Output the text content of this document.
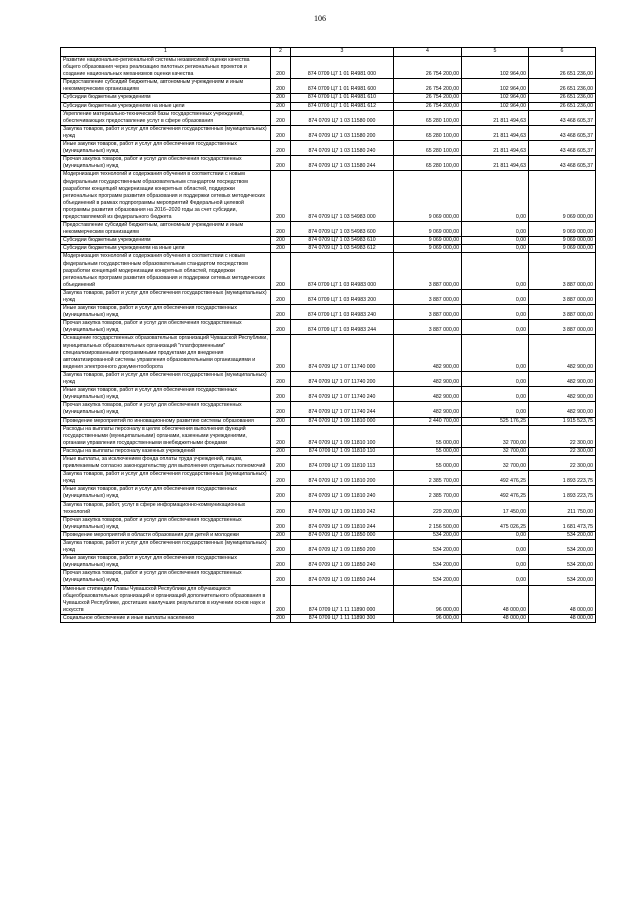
106
1	2	3	4	5	6
Развитие национально-региональной системы независимой оценки качества общего образования через реализацию пилотных региональных проектов и создание национальных механизмов оценки качества	200	874 0709 Ц7 1 01 R4981 000	26 754 200,00	102 964,00	26 651 236,00
Предоставление субсидий бюджетным, автономным учреждениям и иным некоммерческим организациям	200	874 0709 Ц7 1 01 R4981 600	26 754 200,00	102 964,00	26 651 236,00
Субсидии бюджетным учреждениям	200	874 0709 Ц7 1 01 R4981 610	26 754 200,00	102 964,00	26 651 236,00
Субсидии бюджетным учреждениям на иные цели	200	874 0709 Ц7 1 01 R4981 612	26 754 200,00	102 964,00	26 651 236,00
Укрепление материально-технической базы государственных учреждений, обеспечивающих предоставление услуг в сфере образования	200	874 0709 Ц7 1 03 11580 000	65 280 100,00	21 811 494,63	43 468 605,37
Закупка товаров, работ и услуг для обеспечения государственных (муниципальных) нужд	200	874 0709 Ц7 1 03 11580 200	65 280 100,00	21 811 494,63	43 468 605,37
Иные закупки товаров, работ и услуг для обеспечения государственных (муниципальных) нужд	200	874 0709 Ц7 1 03 11580 240	65 280 100,00	21 811 494,63	43 468 605,37
Прочая закупка товаров, работ и услуг для обеспечения государственных (муниципальных) нужд	200	874 0709 Ц7 1 03 11580 244	65 280 100,00	21 811 494,63	43 468 605,37
Модернизация технологий и содержания обучения в соответствии с новым федеральным государственным образовательным стандартом посредством разработки концепций модернизации конкретных областей, поддержки региональных программ развития образования и поддержки сетевых методических объединений в рамках подпрограммы мероприятий Федеральной целевой программы развития образования на 2016–2020 годы за счет субсидии, предоставляемой из федерального бюджета	200	874 0709 Ц7 1 03 54983 000	9 069 000,00	0,00	9 069 000,00
Предоставление субсидий бюджетным, автономным учреждениям и иным некоммерческим организациям	200	874 0709 Ц7 1 03 54983 600	9 069 000,00	0,00	9 069 000,00
Субсидии бюджетным учреждениям	200	874 0709 Ц7 1 03 54983 610	9 069 000,00	0,00	9 069 000,00
Субсидии бюджетным учреждениям на иные цели	200	874 0709 Ц7 1 03 54983 612	9 069 000,00	0,00	9 069 000,00
Модернизация технологий и содержания обучения в соответствии с новым федеральным государственным образовательным стандартом посредством разработки концепций модернизации конкретных областей, поддержки региональных программ развития образования и поддержки сетевых методических объединений	200	874 0709 Ц7 1 03 R4983 000	3 887 000,00	0,00	3 887 000,00
Закупка товаров, работ и услуг для обеспечения государственных (муниципальных) нужд	200	874 0709 Ц7 1 03 R4983 200	3 887 000,00	0,00	3 887 000,00
Иные закупки товаров, работ и услуг для обеспечения государственных (муниципальных) нужд	200	874 0709 Ц7 1 03 R4983 240	3 887 000,00	0,00	3 887 000,00
Прочая закупка товаров, работ и услуг для обеспечения государственных (муниципальных) нужд	200	874 0709 Ц7 1 03 R4983 244	3 887 000,00	0,00	3 887 000,00
Оснащение государственных образовательных организаций Чувашской Республики, муниципальных образовательных организаций "платформенными" специализированными программными продуктами для внедрения автоматизированной системы управления образовательными организациями и ведения электронного документооборота	200	874 0709 Ц7 1 07 11740 000	482 900,00	0,00	482 900,00
Закупка товаров, работ и услуг для обеспечения государственных (муниципальных) нужд	200	874 0709 Ц7 1 07 11740 200	482 900,00	0,00	482 900,00
Иные закупки товаров, работ и услуг для обеспечения государственных (муниципальных) нужд	200	874 0709 Ц7 1 07 11740 240	482 900,00	0,00	482 900,00
Прочая закупка товаров, работ и услуг для обеспечения государственных (муниципальных) нужд	200	874 0709 Ц7 1 07 11740 244	482 900,00	0,00	482 900,00
Проведение мероприятий по инновационному развитию системы образования	200	874 0709 Ц7 1 09 11810 000	2 440 700,00	525 176,25	1 915 523,75
Расходы на выплаты персоналу в целях обеспечения выполнения функций государственными (муниципальными) органами, казенными учреждениями, органами управления государственными внебюджетными фондами	200	874 0709 Ц7 1 09 11810 100	55 000,00	32 700,00	22 300,00
Расходы на выплаты персоналу казенных учреждений	200	874 0709 Ц7 1 09 11810 110	55 000,00	32 700,00	22 300,00
Иные выплаты, за исключением фонда оплаты труда учреждений, лицам, привлекаемым согласно законодательству для выполнения отдельных полномочий	200	874 0709 Ц7 1 09 11810 113	55 000,00	32 700,00	22 300,00
Закупка товаров, работ и услуг для обеспечения государственных (муниципальных) нужд	200	874 0709 Ц7 1 09 11810 200	2 385 700,00	492 476,25	1 893 223,75
Иные закупки товаров, работ и услуг для обеспечения государственных (муниципальных) нужд	200	874 0709 Ц7 1 09 11810 240	2 385 700,00	492 476,25	1 893 223,75
Закупка товаров, работ, услуг в сфере информационно-коммуникационных технологий	200	874 0709 Ц7 1 09 11810 242	229 200,00	17 450,00	211 750,00
Прочая закупка товаров, работ и услуг для обеспечения государственных (муниципальных) нужд	200	874 0709 Ц7 1 09 11810 244	2 156 500,00	475 026,25	1 681 473,75
Проведение мероприятий в области образования для детей и молодежи	200	874 0709 Ц7 1 09 11850 000	534 200,00	0,00	534 200,00
Закупка товаров, работ и услуг для обеспечения государственных (муниципальных) нужд	200	874 0709 Ц7 1 09 11850 200	534 200,00	0,00	534 200,00
Иные закупки товаров, работ и услуг для обеспечения государственных (муниципальных) нужд	200	874 0709 Ц7 1 09 11850 240	534 200,00	0,00	534 200,00
Прочая закупка товаров, работ и услуг для обеспечения государственных (муниципальных) нужд	200	874 0709 Ц7 1 09 11850 244	534 200,00	0,00	534 200,00
Именные стипендии Главы Чувашской Республики для обучающихся общеобразовательных организаций и организаций дополнительного образования в Чувашской Республике, достигших наилучших результатов в изучении основ наук и искусств	200	874 0709 Ц7 1 11 11890 000	96 000,00	48 000,00	48 000,00
Социальное обеспечение и иные выплаты населению	200	874 0709 Ц7 1 11 11890 300	96 000,00	48 000,00	48 000,00
